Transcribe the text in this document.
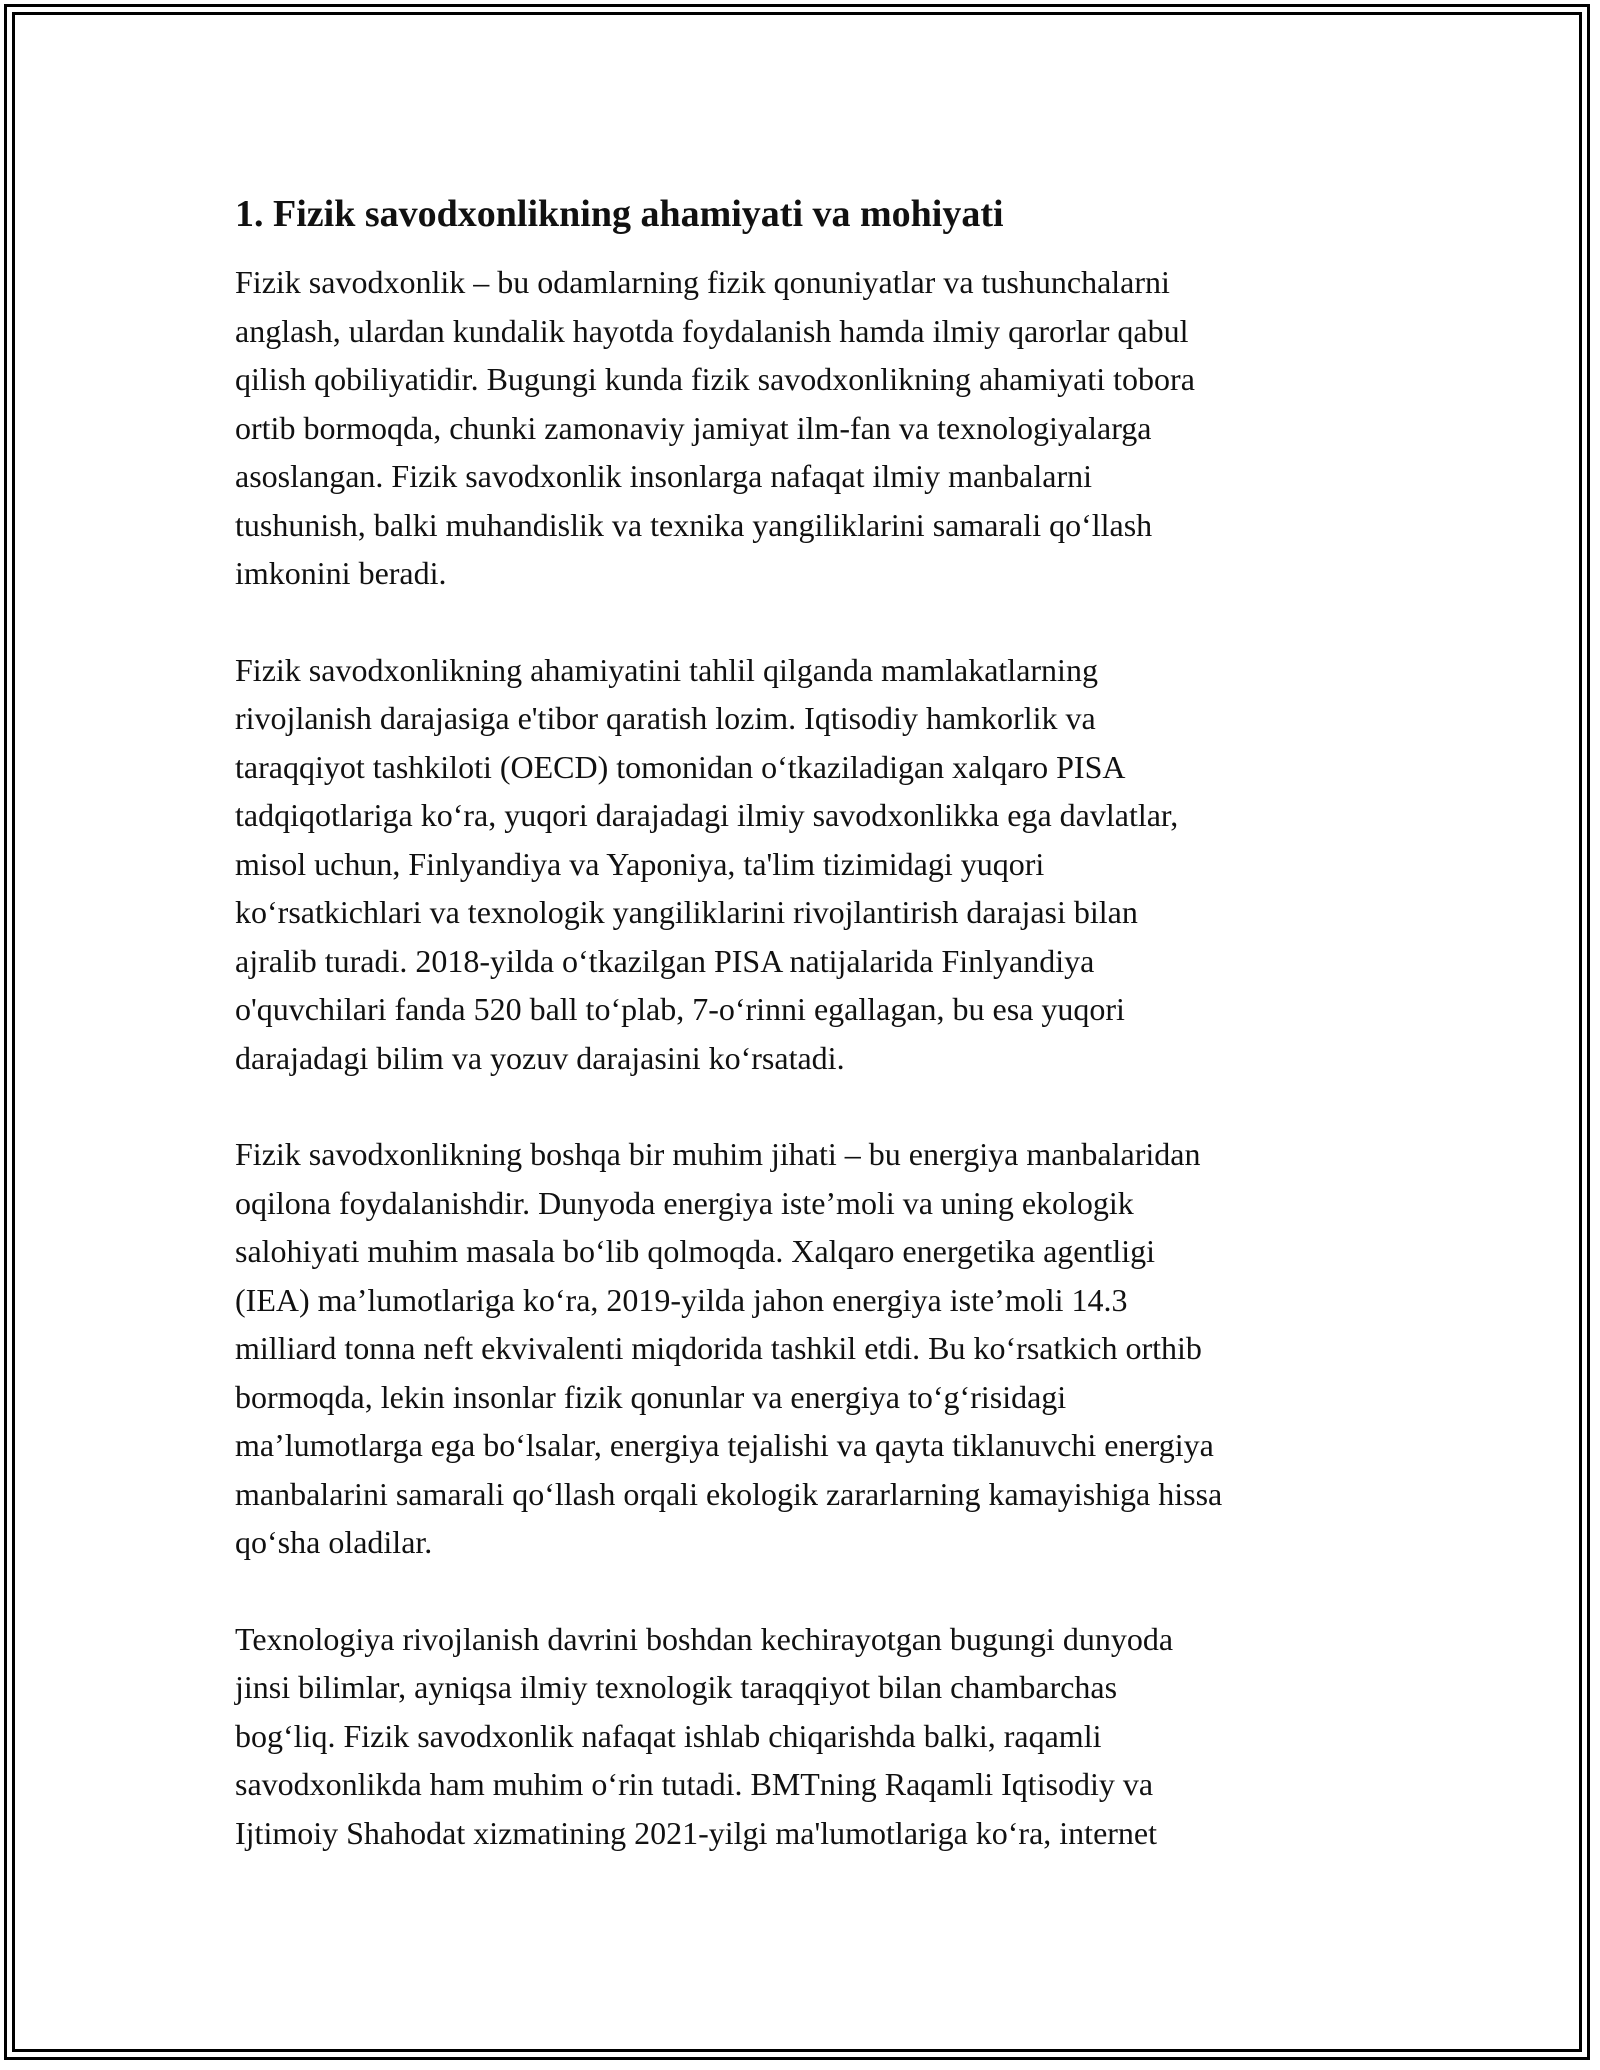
1. Fizik savodxonlikning ahamiyati va mohiyati

Fizik savodxonlik – bu odamlarning fizik qonuniyatlar va tushunchalarni
anglash, ulardan kundalik hayotda foydalanish hamda ilmiy qarorlar qabul
qilish qobiliyatidir. Bugungi kunda fizik savodxonlikning ahamiyati tobora
ortib bormoqda, chunki zamonaviy jamiyat ilm-fan va texnologiyalarga
asoslangan. Fizik savodxonlik insonlarga nafaqat ilmiy manbalarni
tushunish, balki muhandislik va texnika yangiliklarini samarali qo‘llash
imkonini beradi.

Fizik savodxonlikning ahamiyatini tahlil qilganda mamlakatlarning
rivojlanish darajasiga e'tibor qaratish lozim. Iqtisodiy hamkorlik va
taraqqiyot tashkiloti (OECD) tomonidan o‘tkaziladigan xalqaro PISA
tadqiqotlariga ko‘ra, yuqori darajadagi ilmiy savodxonlikka ega davlatlar,
misol uchun, Finlyandiya va Yaponiya, ta'lim tizimidagi yuqori
ko‘rsatkichlari va texnologik yangiliklarini rivojlantirish darajasi bilan
ajralib turadi. 2018-yilda o‘tkazilgan PISA natijalarida Finlyandiya
o'quvchilari fanda 520 ball to‘plab, 7-o‘rinni egallagan, bu esa yuqori
darajadagi bilim va yozuv darajasini ko‘rsatadi.

Fizik savodxonlikning boshqa bir muhim jihati – bu energiya manbalaridan
oqilona foydalanishdir. Dunyoda energiya iste’moli va uning ekologik
salohiyati muhim masala bo‘lib qolmoqda. Xalqaro energetika agentligi
(IEA) ma’lumotlariga ko‘ra, 2019-yilda jahon energiya iste’moli 14.3
milliard tonna neft ekvivalenti miqdorida tashkil etdi. Bu ko‘rsatkich orthib
bormoqda, lekin insonlar fizik qonunlar va energiya to‘g‘risidagi
ma’lumotlarga ega bo‘lsalar, energiya tejalishi va qayta tiklanuvchi energiya
manbalarini samarali qo‘llash orqali ekologik zararlarning kamayishiga hissa
qo‘sha oladilar.

Texnologiya rivojlanish davrini boshdan kechirayotgan bugungi dunyoda
jinsi bilimlar, ayniqsa ilmiy texnologik taraqqiyot bilan chambarchas
bog‘liq. Fizik savodxonlik nafaqat ishlab chiqarishda balki, raqamli
savodxonlikda ham muhim o‘rin tutadi. BMTning Raqamli Iqtisodiy va
Ijtimoiy Shahodat xizmatining 2021-yilgi ma'lumotlariga ko‘ra, internet
